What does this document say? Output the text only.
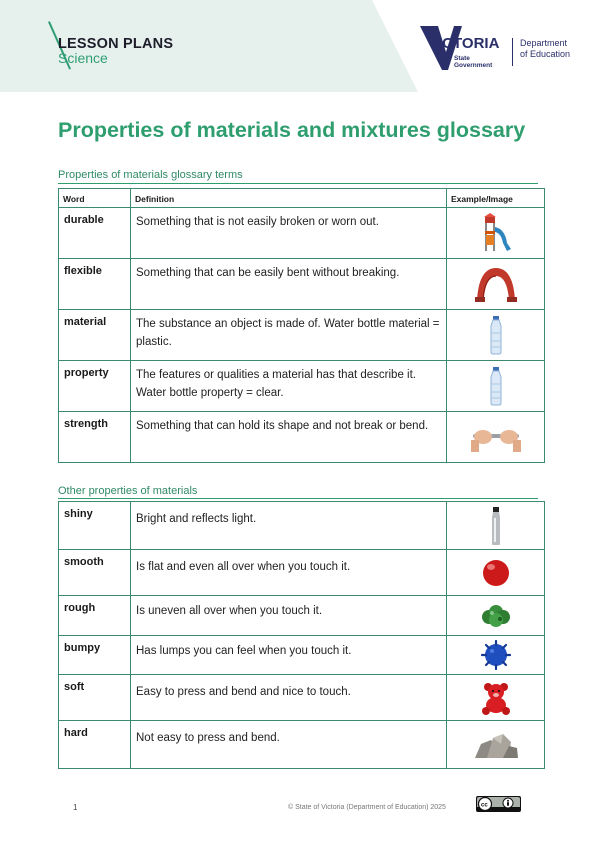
LESSON PLANS
Science
VICTORIA
State
Government
Department
of Education
Properties of materials and mixtures glossary
Properties of materials glossary terms
Word	Definition	Example/Image
durable	Something that is not easily broken or worn out.	
flexible	Something that can be easily bent without breaking.	
material	The substance an object is made of. Water bottle material = plastic.	
property	The features or qualities a material has that describe it. Water bottle property = clear.	
strength	Something that can hold its shape and not break or bend.	
Other properties of materials
shiny	Bright and reflects light.	
smooth	Is flat and even all over when you touch it.	
rough	Is uneven all over when you touch it.	
bumpy	Has lumps you can feel when you touch it.	
soft	Easy to press and bend and nice to touch.	
hard	Not easy to press and bend.	
1	© State of Victoria (Department of Education) 2025	cc
